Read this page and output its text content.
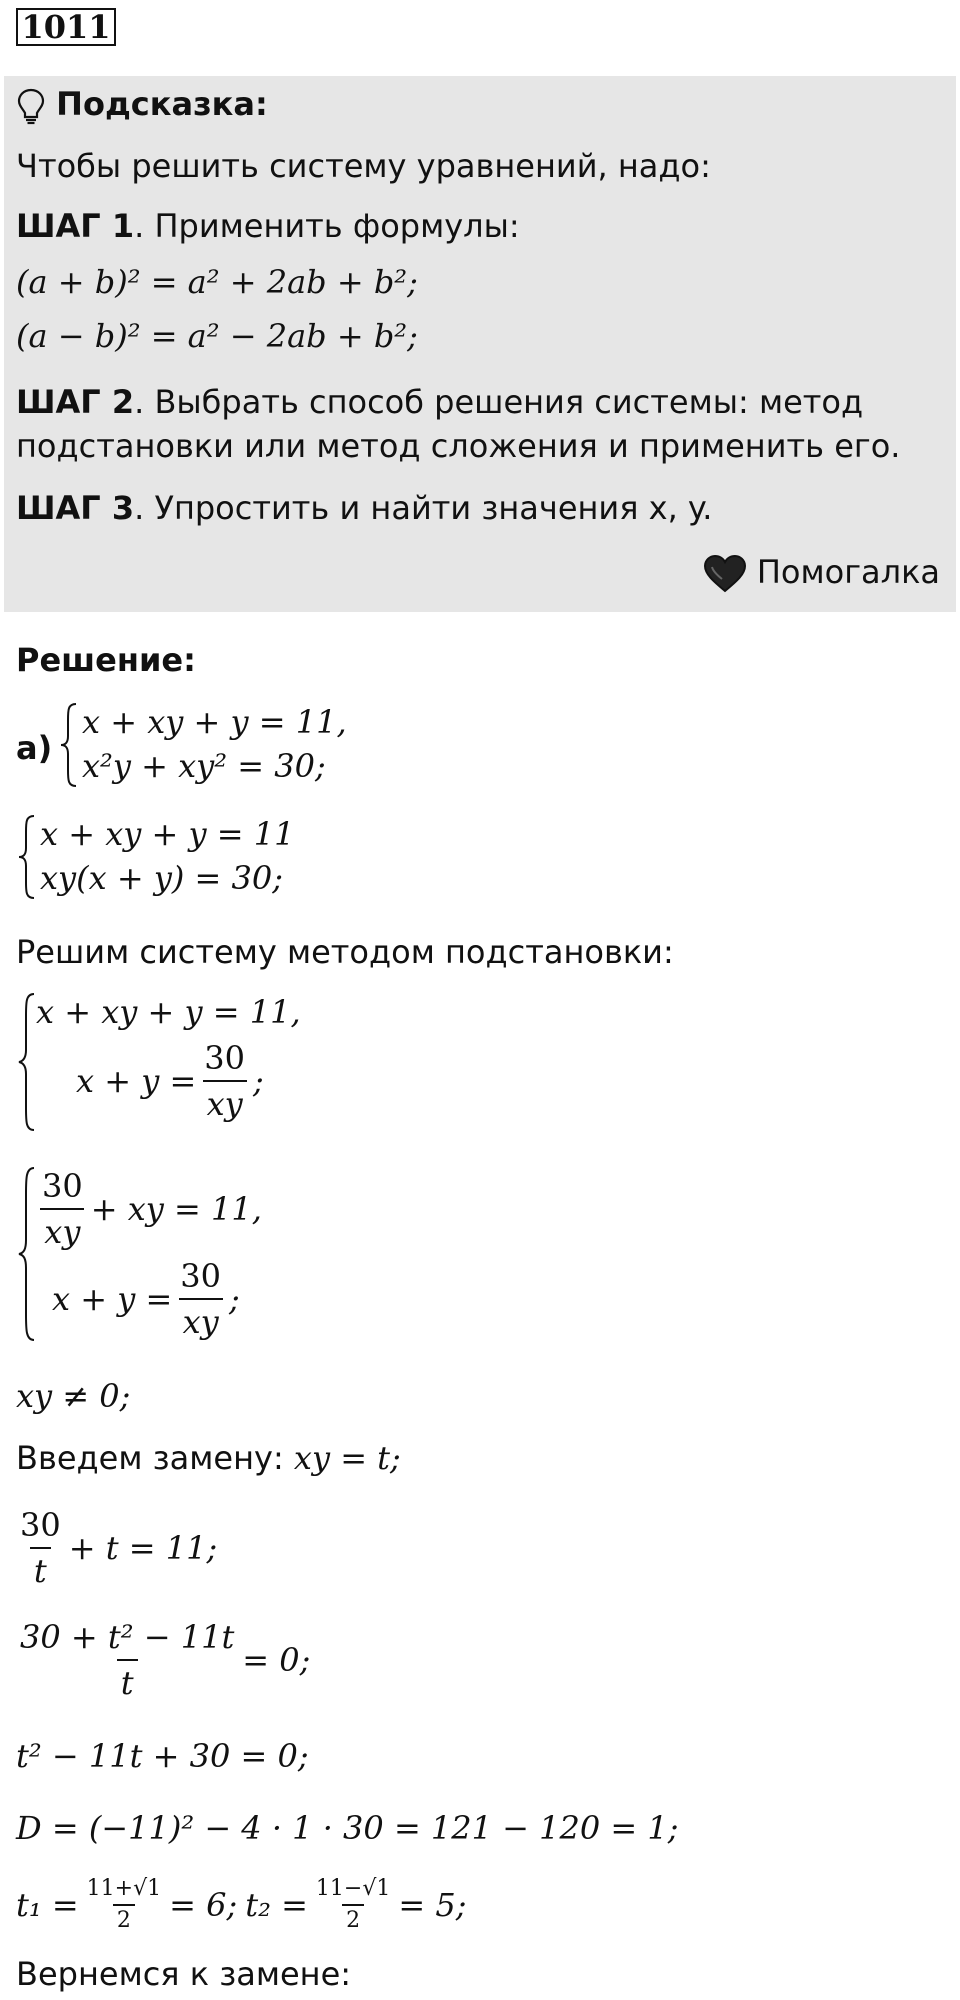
1011
Подсказка:
Чтобы решить систему уравнений, надо:
ШАГ 1. Применить формулы:
(a + b)² = a² + 2ab + b²;
(a − b)² = a² − 2ab + b²;
ШАГ 2. Выбрать способ решения системы: метод
подстановки или метод сложения и применить его.
ШАГ 3. Упростить и найти значения x, y.
Помогалка
Решение:
а)
x + xy + y = 11,
x²y + xy² = 30;
x + xy + y = 11
xy(x + y) = 30;
Решим систему методом подстановки:
x + xy + y = 11,
$x + y = \frac{30}{xy}$ ;
$\frac{30}{xy}$ + xy = 11,
$x + y = \frac{30}{xy}$ ;
xy ≠ 0;
Введем замену: xy = t;
$\frac{30}{t} + t = 11$;
$\frac{\text{30 + t² − 11t}}{t} = 0$;
t² − 11t + 30 = 0;
D = (−11)² − 4 · 1 · 30 = 121 − 120 = 1;
$t_1 = \frac{11+√1}{2} = 6$; $t_2 = \frac{11-√1}{2} = 5$;
Вернемся к замене:
